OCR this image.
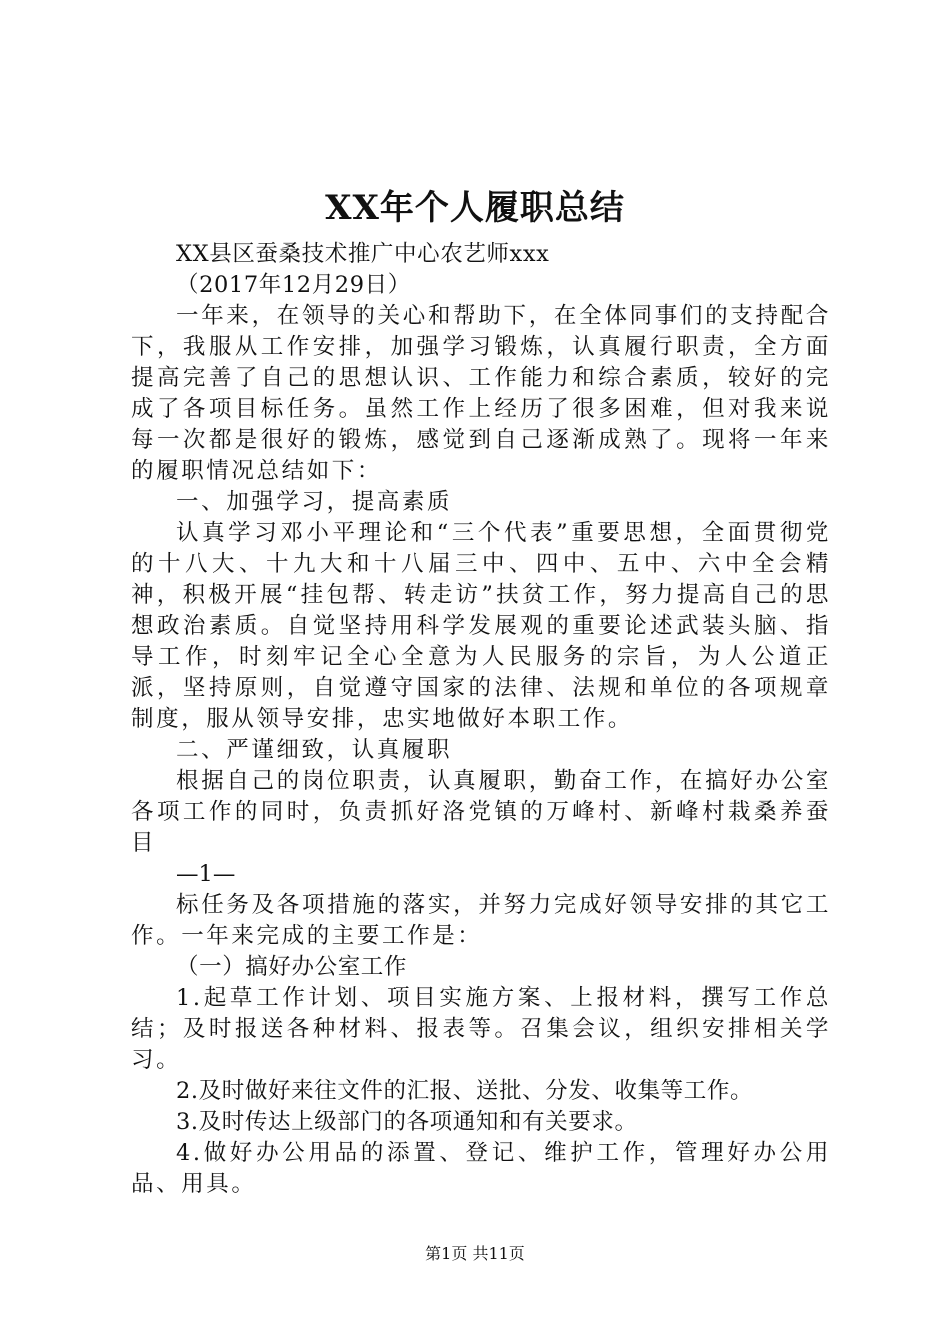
XX年个人履职总结

XX县区蚕桑技术推广中心农艺师xxx

（2017年12月29日）

一年来，在领导的关心和帮助下，在全体同事们的支持配合下，我服从工作安排，加强学习锻炼，认真履行职责，全方面提高完善了自己的思想认识、工作能力和综合素质，较好的完成了各项目标任务。虽然工作上经历了很多困难，但对我来说每一次都是很好的锻炼，感觉到自己逐渐成熟了。现将一年来的履职情况总结如下：

一、加强学习，提高素质

认真学习邓小平理论和“三个代表”重要思想，全面贯彻党的十八大、十九大和十八届三中、四中、五中、六中全会精神，积极开展“挂包帮、转走访”扶贫工作，努力提高自己的思想政治素质。自觉坚持用科学发展观的重要论述武装头脑、指导工作，时刻牢记全心全意为人民服务的宗旨，为人公道正派，坚持原则，自觉遵守国家的法律、法规和单位的各项规章制度，服从领导安排，忠实地做好本职工作。

二、严谨细致，认真履职

根据自己的岗位职责，认真履职，勤奋工作，在搞好办公室各项工作的同时，负责抓好洛党镇的万峰村、新峰村栽桑养蚕目

—1—

标任务及各项措施的落实，并努力完成好领导安排的其它工作。一年来完成的主要工作是：

（一）搞好办公室工作

1.起草工作计划、项目实施方案、上报材料，撰写工作总结；及时报送各种材料、报表等。召集会议，组织安排相关学习。

2.及时做好来往文件的汇报、送批、分发、收集等工作。

3.及时传达上级部门的各项通知和有关要求。

4.做好办公用品的添置、登记、维护工作，管理好办公用品、用具。

第1页 共11页
